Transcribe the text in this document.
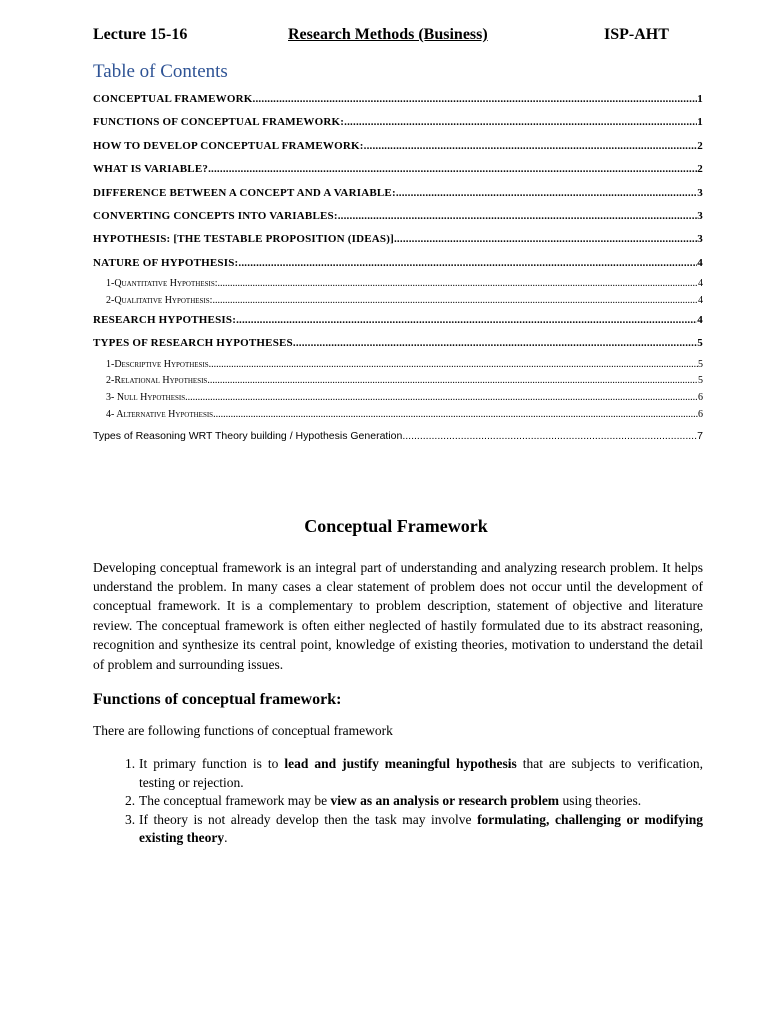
Lecture 15-16	Research Methods (Business)	ISP-AHT
Table of Contents
CONCEPTUAL FRAMEWORK .....	1
FUNCTIONS OF CONCEPTUAL FRAMEWORK: .....	1
HOW TO DEVELOP CONCEPTUAL FRAMEWORK: .....	2
WHAT IS VARIABLE? .....	2
DIFFERENCE BETWEEN A CONCEPT AND A VARIABLE: .....	3
CONVERTING CONCEPTS INTO VARIABLES: .....	3
HYPOTHESIS: [THE TESTABLE PROPOSITION (IDEAS)] .....	3
NATURE OF HYPOTHESIS: .....	4
1-Quantitative Hypothesis: .....	4
2-Qualitative Hypothesis: .....	4
RESEARCH HYPOTHESIS: .....	4
TYPES OF RESEARCH HYPOTHESES .....	5
1-Descriptive Hypothesis .....	5
2-Relational Hypothesis .....	5
3- Null Hypothesis .....	6
4- Alternative Hypothesis .....	6
Types of Reasoning WRT Theory building / Hypothesis Generation .....	7
Conceptual Framework

Developing conceptual framework is an integral part of understanding and analyzing research problem. It helps understand the problem. In many cases a clear statement of problem does not occur until the development of conceptual framework. It is a complementary to problem description, statement of objective and literature review. The conceptual framework is often either neglected of hastily formulated due to its abstract reasoning, recognition and synthesize its central point, knowledge of existing theories, motivation to understand the detail of problem and surrounding issues.

Functions of conceptual framework:
There are following functions of conceptual framework
1. It primary function is to lead and justify meaningful hypothesis that are subjects to verification, testing or rejection.
2. The conceptual framework may be view as an analysis or research problem using theories.
3. If theory is not already develop then the task may involve formulating, challenging or modifying existing theory.
